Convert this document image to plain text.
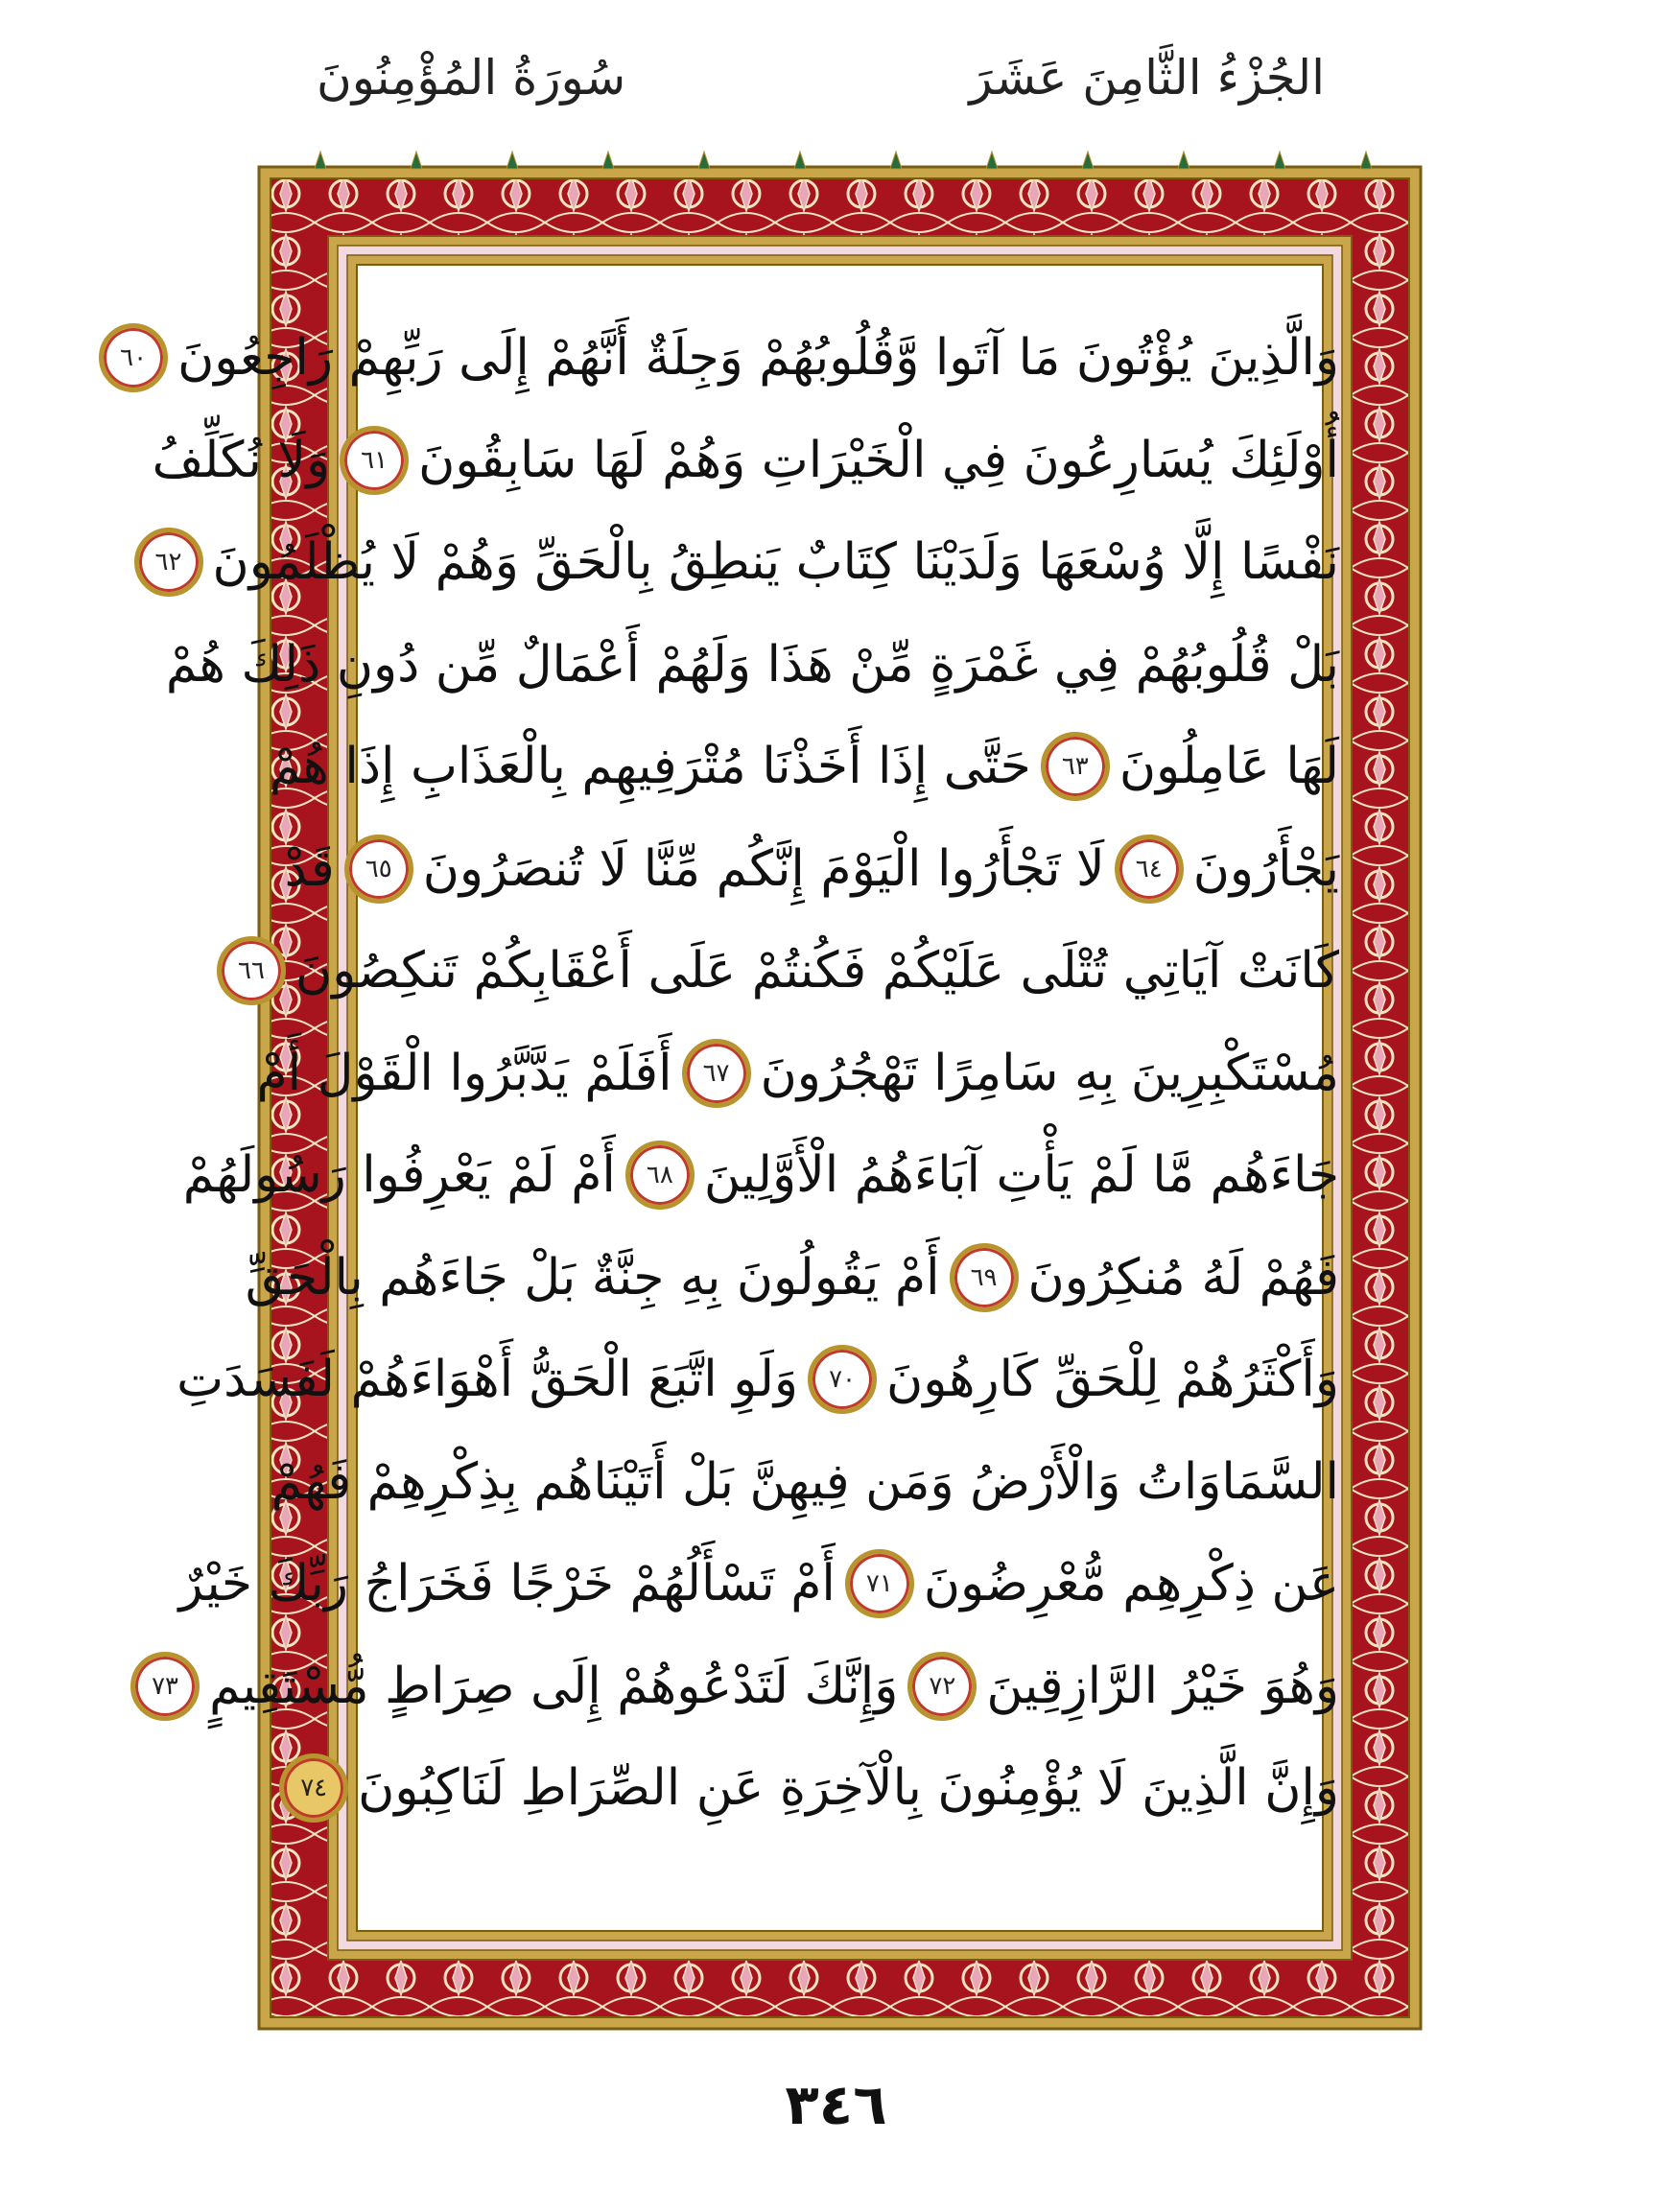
سُورَةُ المُؤْمِنُونَ	الجُزْءُ الثَّامِنَ عَشَرَ
وَالَّذِينَ يُؤْتُونَ مَا آتَوا وَّقُلُوبُهُمْ وَجِلَةٌ أَنَّهُمْ إِلَى رَبِّهِمْ رَاجِعُونَ
٦٠
أُوْلَئِكَ يُسَارِعُونَ فِي الْخَيْرَاتِ وَهُمْ لَهَا سَابِقُونَ
٦١
وَلَا نُكَلِّفُ
نَفْسًا إِلَّا وُسْعَهَا وَلَدَيْنَا كِتَابٌ يَنطِقُ بِالْحَقِّ وَهُمْ لَا يُظْلَمُونَ
٦٢
بَلْ قُلُوبُهُمْ فِي غَمْرَةٍ مِّنْ هَذَا وَلَهُمْ أَعْمَالٌ مِّن دُونِ ذَلِكَ هُمْ
لَهَا عَامِلُونَ
٦٣
حَتَّى إِذَا أَخَذْنَا مُتْرَفِيهِم بِالْعَذَابِ إِذَا هُمْ
يَجْأَرُونَ
٦٤
لَا تَجْأَرُوا الْيَوْمَ إِنَّكُم مِّنَّا لَا تُنصَرُونَ
٦٥
قَدْ
كَانَتْ آيَاتِي تُتْلَى عَلَيْكُمْ فَكُنتُمْ عَلَى أَعْقَابِكُمْ تَنكِصُونَ
٦٦
مُسْتَكْبِرِينَ بِهِ سَامِرًا تَهْجُرُونَ
٦٧
أَفَلَمْ يَدَّبَّرُوا الْقَوْلَ أَمْ
جَاءَهُم مَّا لَمْ يَأْتِ آبَاءَهُمُ الْأَوَّلِينَ
٦٨
أَمْ لَمْ يَعْرِفُوا رَسُولَهُمْ
فَهُمْ لَهُ مُنكِرُونَ
٦٩
أَمْ يَقُولُونَ بِهِ جِنَّةٌ بَلْ جَاءَهُم بِالْحَقِّ
وَأَكْثَرُهُمْ لِلْحَقِّ كَارِهُونَ
٧٠
وَلَوِ اتَّبَعَ الْحَقُّ أَهْوَاءَهُمْ لَفَسَدَتِ
السَّمَاوَاتُ وَالْأَرْضُ وَمَن فِيهِنَّ بَلْ أَتَيْنَاهُم بِذِكْرِهِمْ فَهُمْ
عَن ذِكْرِهِم مُّعْرِضُونَ
٧١
أَمْ تَسْأَلُهُمْ خَرْجًا فَخَرَاجُ رَبِّكَ خَيْرٌ
وَهُوَ خَيْرُ الرَّازِقِينَ
٧٢
وَإِنَّكَ لَتَدْعُوهُمْ إِلَى صِرَاطٍ مُّسْتَقِيمٍ
٧٣
وَإِنَّ الَّذِينَ لَا يُؤْمِنُونَ بِالْآخِرَةِ عَنِ الصِّرَاطِ لَنَاكِبُونَ
٧٤
٣٤٦
